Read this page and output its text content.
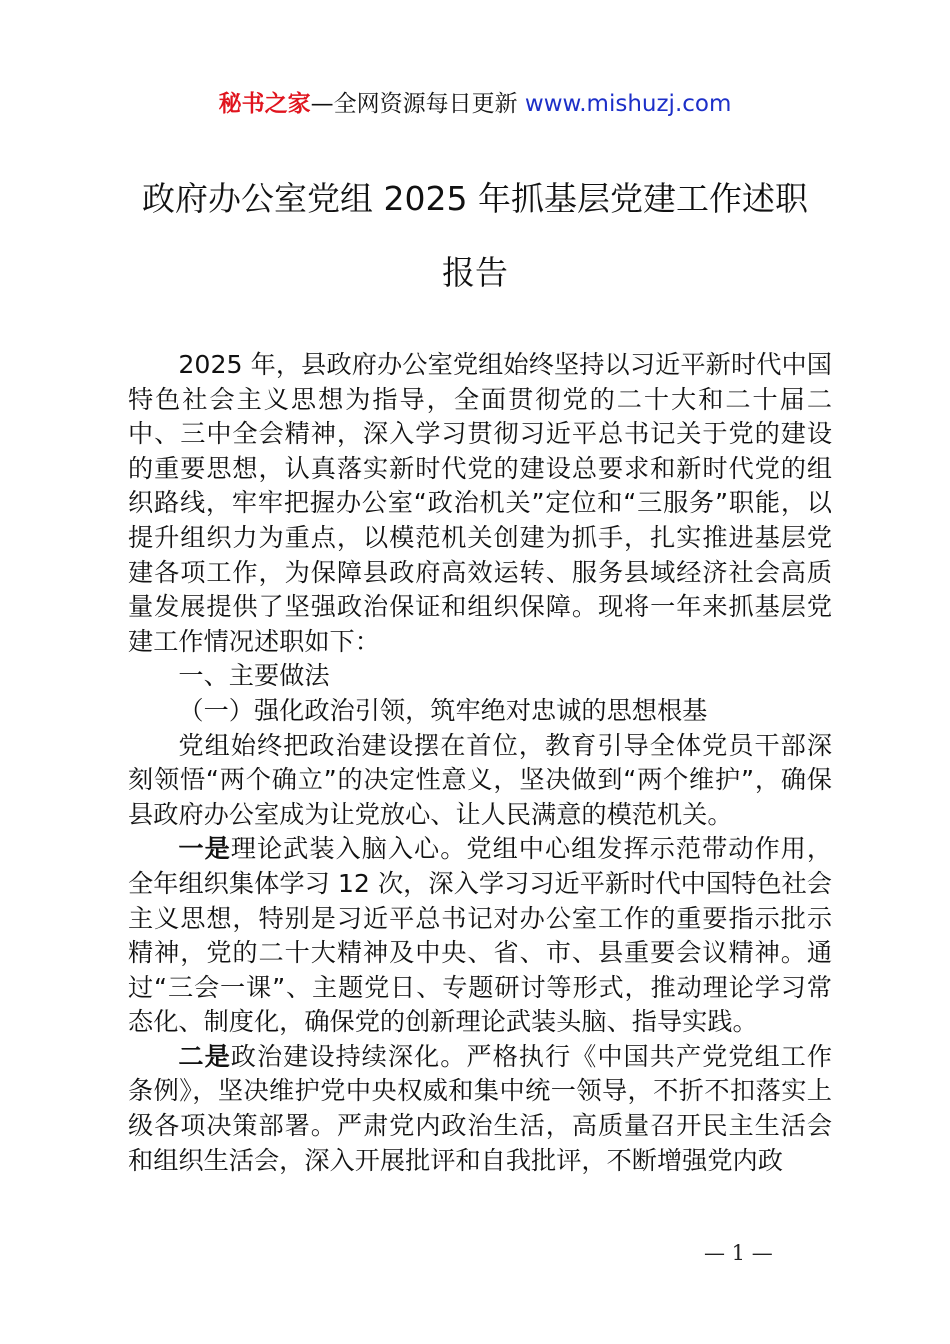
秘书之家—全网资源每日更新 www.mishuzj.com
政府办公室党组 2025 年抓基层党建工作述职
报告

2025 年，县政府办公室党组始终坚持以习近平新时代中国特色社会主义思想为指导，全面贯彻党的二十大和二十届二中、三中全会精神，深入学习贯彻习近平总书记关于党的建设的重要思想，认真落实新时代党的建设总要求和新时代党的组织路线，牢牢把握办公室“政治机关”定位和“三服务”职能，以提升组织力为重点，以模范机关创建为抓手，扎实推进基层党建各项工作，为保障县政府高效运转、服务县域经济社会高质量发展提供了坚强政治保证和组织保障。现将一年来抓基层党建工作情况述职如下：

一、主要做法

（一）强化政治引领，筑牢绝对忠诚的思想根基

党组始终把政治建设摆在首位，教育引导全体党员干部深刻领悟“两个确立”的决定性意义，坚决做到“两个维护”，确保县政府办公室成为让党放心、让人民满意的模范机关。

一是理论武装入脑入心。党组中心组发挥示范带动作用，全年组织集体学习 12 次，深入学习习近平新时代中国特色社会主义思想，特别是习近平总书记对办公室工作的重要指示批示精神，党的二十大精神及中央、省、市、县重要会议精神。通过“三会一课”、主题党日、专题研讨等形式，推动理论学习常态化、制度化，确保党的创新理论武装头脑、指导实践。

二是政治建设持续深化。严格执行《中国共产党党组工作条例》，坚决维护党中央权威和集中统一领导，不折不扣落实上级各项决策部署。严肃党内政治生活，高质量召开民主生活会和组织生活会，深入开展批评和自我批评，不断增强党内政

— 1 —
